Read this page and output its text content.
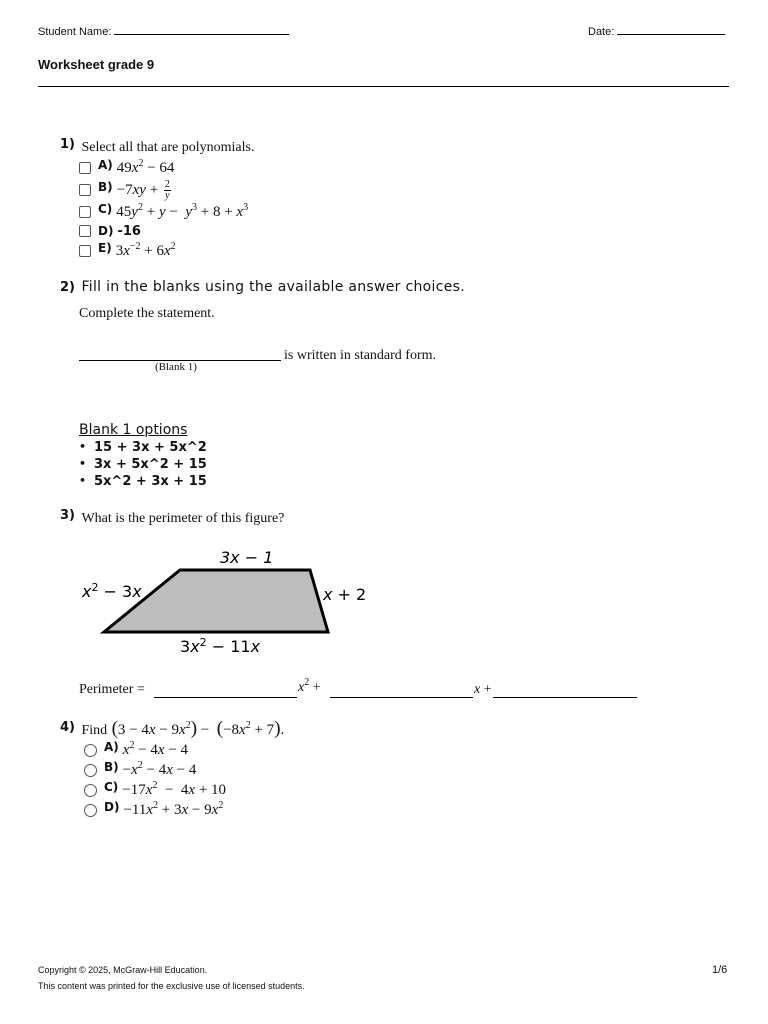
Student Name:	Date:
Worksheet grade 9
1) Select all that are polynomials.
A) $49x^2 - 64$
$B) -7xy + \frac{2}{y}$
C) $45y^2 + y - y^3 + 8 + x^3$
D) -16
E) $3x^{-2} + 6x^2$
2) Fill in the blanks using the available answer choices.
Complete the statement.
is written in standard form.
(Blank 1)
Blank 1 options
• 15 + 3x + 5x^2
• 3x + 5x^2 + 15
• 5x^2 + 3x + 15
3) What is the perimeter of this figure?
3x − 1
$x^2 - 3x$	x + 2
$3x^2 - 11x$
Perimeter =	$x^2$ +	x +
4) Find $(3 - 4x - 9x^2) - (-8x^2 + 7)$.
A) $x^2 - 4x - 4$
$B) -x^2 - 4x - 4$
$C) -17x^2 - 4x + 10$
$D) -11x^2 + 3x - 9x^2$
Copyright © 2025, McGraw-Hill Education.
This content was printed for the exclusive use of licensed students.
1/6
